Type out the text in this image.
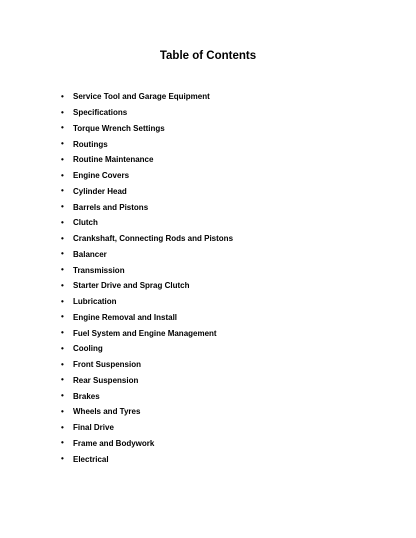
Table of Contents
•	Service Tool and Garage Equipment
•	Specifications
•	Torque Wrench Settings
•	Routings
•	Routine Maintenance
•	Engine Covers
•	Cylinder Head
•	Barrels and Pistons
•	Clutch
•	Crankshaft, Connecting Rods and Pistons
•	Balancer
•	Transmission
•	Starter Drive and Sprag Clutch
•	Lubrication
•	Engine Removal and Install
•	Fuel System and Engine Management
•	Cooling
•	Front Suspension
•	Rear Suspension
•	Brakes
•	Wheels and Tyres
•	Final Drive
•	Frame and Bodywork
•	Electrical
